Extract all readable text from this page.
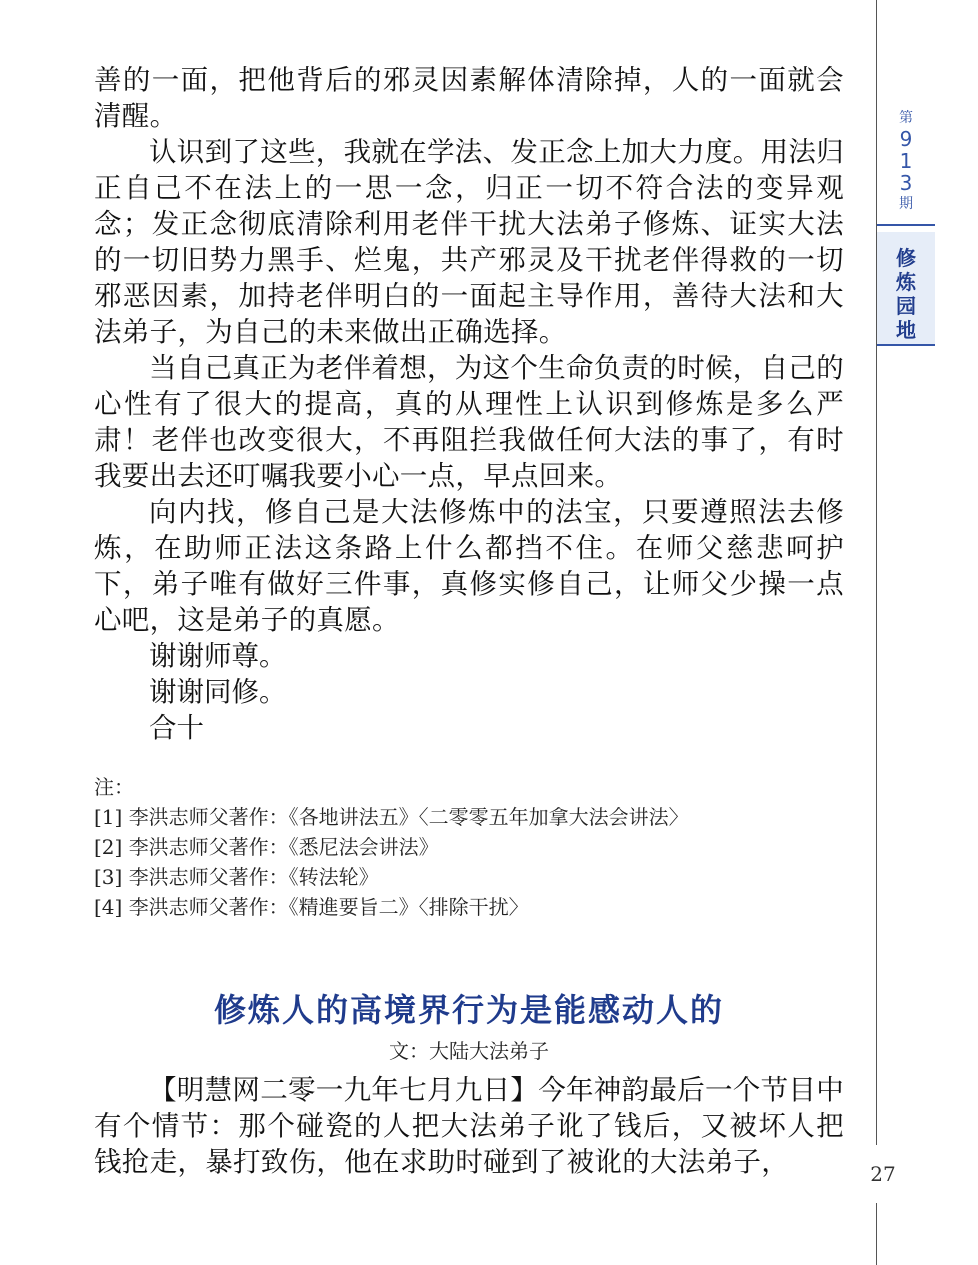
第
9
1
3
期
修
炼
园
地

善的一面，把他背后的邪灵因素解体清除掉，人的一面就会清醒。

认识到了这些，我就在学法、发正念上加大力度。用法归正自己不在法上的一思一念，归正一切不符合法的变异观念；发正念彻底清除利用老伴干扰大法弟子修炼、证实大法的一切旧势力黑手、烂鬼，共产邪灵及干扰老伴得救的一切邪恶因素，加持老伴明白的一面起主导作用，善待大法和大法弟子，为自己的未来做出正确选择。

当自己真正为老伴着想，为这个生命负责的时候，自己的心性有了很大的提高，真的从理性上认识到修炼是多么严肃！老伴也改变很大，不再阻拦我做任何大法的事了，有时我要出去还叮嘱我要小心一点，早点回来。

向内找，修自己是大法修炼中的法宝，只要遵照法去修炼，在助师正法这条路上什么都挡不住。在师父慈悲呵护下，弟子唯有做好三件事，真修实修自己，让师父少操一点心吧，这是弟子的真愿。

谢谢师尊。

谢谢同修。

合十

注：

[1] 李洪志师父著作：《各地讲法五》〈二零零五年加拿大法会讲法〉

[2] 李洪志师父著作：《悉尼法会讲法》

[3] 李洪志师父著作：《转法轮》

[4] 李洪志师父著作：《精進要旨二》〈排除干扰〉

修炼人的高境界行为是能感动人的
文：大陆大法弟子

【明慧网二零一九年七月九日】今年神韵最后一个节目中有个情节：那个碰瓷的人把大法弟子讹了钱后，又被坏人把钱抢走，暴打致伤，他在求助时碰到了被讹的大法弟子，	27
